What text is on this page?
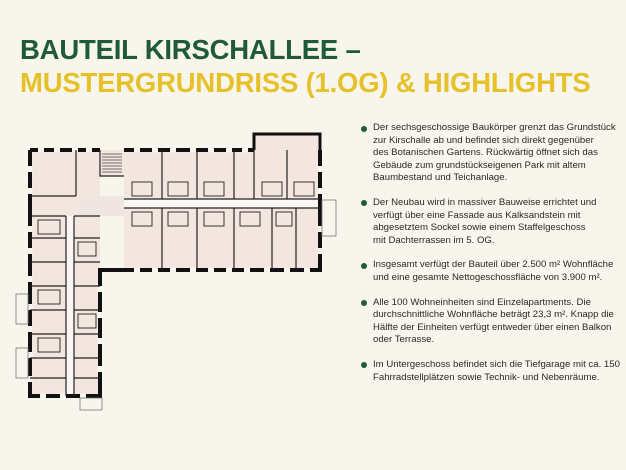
BAUTEIL KIRSCHALLEE –
MUSTERGRUNDRISS (1.OG) & HIGHLIGHTS
Der sechsgeschossige Baukörper grenzt das Grundstück
zur Kirschalle ab und befindet sich direkt gegenüber
des Botanischen Gartens. Rückwärtig öffnet sich das
Gebäude zum grundstückseigenen Park mit altem
Baumbestand und Teichanlage.
Der Neubau wird in massiver Bauweise errichtet und
verfügt über eine Fassade aus Kalksandstein mit
abgesetztem Sockel sowie einem Staffelgeschoss
mit Dachterrassen im 5. OG.
Insgesamt verfügt der Bauteil über 2.500 m² Wohnfläche
und eine gesamte Nettogeschossfläche von 3.900 m².
Alle 100 Wohneinheiten sind Einzelapartments. Die
durchschnittliche Wohnfläche beträgt 23,3 m². Knapp die
Hälfte der Einheiten verfügt entweder über einen Balkon
oder Terrasse.
Im Untergeschoss befindet sich die Tiefgarage mit ca. 150
Fahrradstellplätzen sowie Technik- und Nebenräume.
